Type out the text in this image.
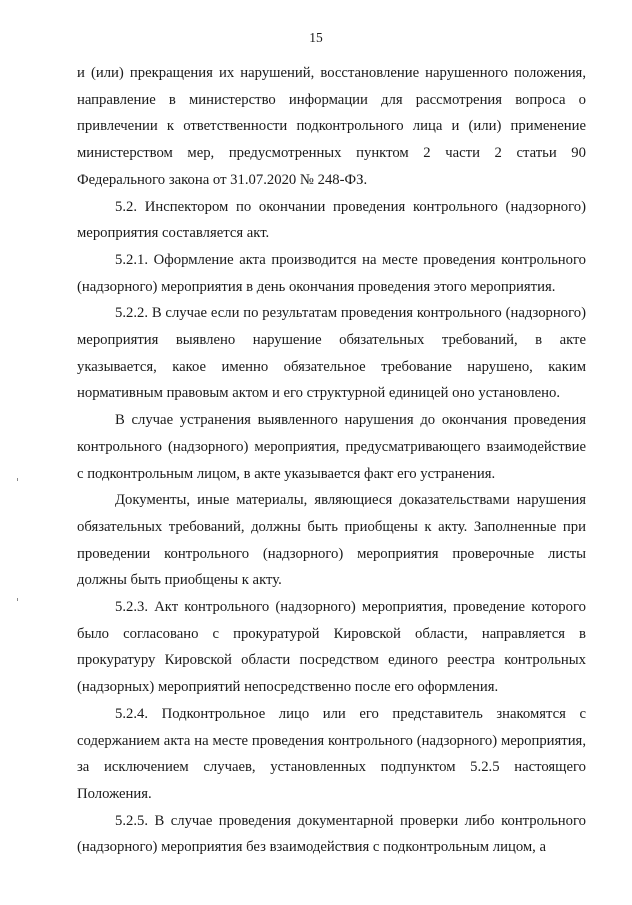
15

и (или) прекращения их нарушений, восстановление нарушенного положения, направление в министерство информации для рассмотрения вопроса о привлечении к ответственности подконтрольного лица и (или) применение министерством мер, предусмотренных пунктом 2 части 2 статьи 90 Федерального закона от 31.07.2020 № 248-ФЗ.

5.2. Инспектором по окончании проведения контрольного (надзорного) мероприятия составляется акт.

5.2.1. Оформление акта производится на месте проведения контрольного (надзорного) мероприятия в день окончания проведения этого мероприятия.

5.2.2. В случае если по результатам проведения контрольного (надзорного) мероприятия выявлено нарушение обязательных требований, в акте указывается, какое именно обязательное требование нарушено, каким нормативным правовым актом и его структурной единицей оно установлено.

В случае устранения выявленного нарушения до окончания проведения контрольного (надзорного) мероприятия, предусматривающего взаимодействие с подконтрольным лицом, в акте указывается факт его устранения.

Документы, иные материалы, являющиеся доказательствами нарушения обязательных требований, должны быть приобщены к акту. Заполненные при проведении контрольного (надзорного) мероприятия проверочные листы должны быть приобщены к акту.

5.2.3. Акт контрольного (надзорного) мероприятия, проведение которого было согласовано с прокуратурой Кировской области, направляется в прокуратуру Кировской области посредством единого реестра контрольных (надзорных) мероприятий непосредственно после его оформления.

5.2.4. Подконтрольное лицо или его представитель знакомятся с содержанием акта на месте проведения контрольного (надзорного) мероприятия, за исключением случаев, установленных подпунктом 5.2.5 настоящего Положения.

5.2.5. В случае проведения документарной проверки либо контрольного (надзорного) мероприятия без взаимодействия с подконтрольным лицом, а
